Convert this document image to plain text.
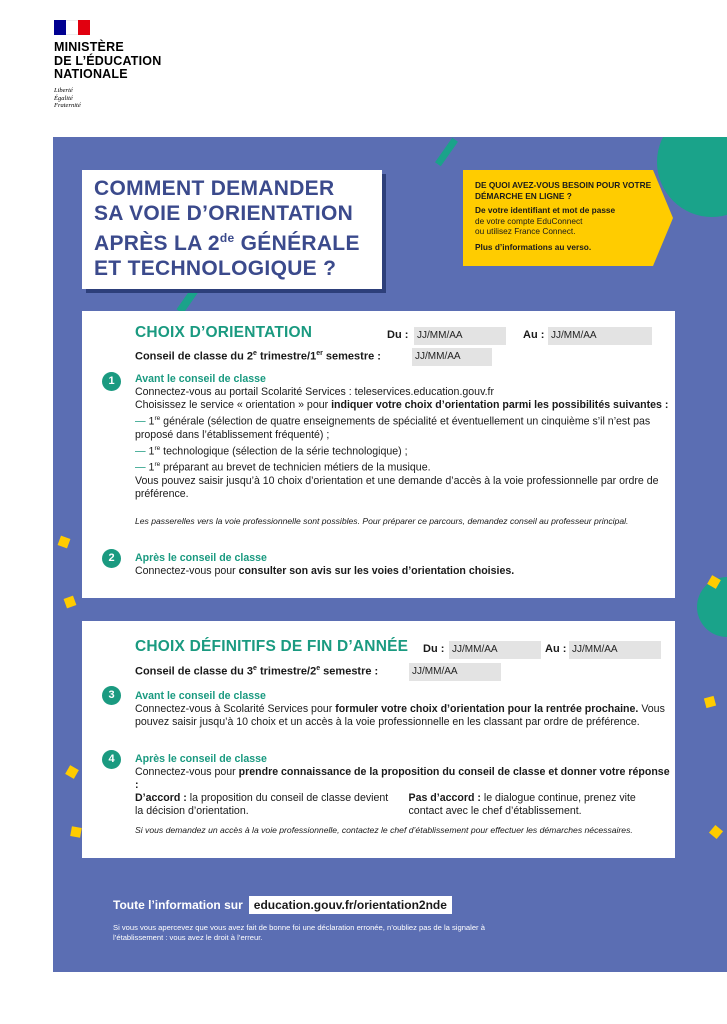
MINISTÈRE
DE L’ÉDUCATION
NATIONALE
Liberté
Égalité
Fraternité
COMMENT DEMANDER
SA VOIE D’ORIENTATION
APRÈS LA 2de GÉNÉRALE
ET TECHNOLOGIQUE ?
DE QUOI AVEZ-VOUS BESOIN POUR VOTRE DÉMARCHE EN LIGNE ?
De votre identifiant et mot de passe
de votre compte EduConnect
ou utilisez France Connect.
Plus d’informations au verso.
CHOIX D’ORIENTATION	Du : JJ/MM/AA	Au : JJ/MM/AA
Conseil de classe du 2e trimestre/1er semestre :	JJ/MM/AA
1	Avant le conseil de classe
Connectez-vous au portail Scolarité Services : teleservices.education.gouv.fr
Choisissez le service « orientation » pour indiquer votre choix d’orientation parmi les possibilités suivantes :
— 1re générale (sélection de quatre enseignements de spécialité et éventuellement un cinquième s’il n’est pas proposé dans l’établissement fréquenté) ;
— 1re technologique (sélection de la série technologique) ;
— 1re préparant au brevet de technicien métiers de la musique.
Vous pouvez saisir jusqu’à 10 choix d’orientation et une demande d’accès à la voie professionnelle par ordre de préférence.
Les passerelles vers la voie professionnelle sont possibles. Pour préparer ce parcours, demandez conseil au professeur principal.
2	Après le conseil de classe
Connectez-vous pour consulter son avis sur les voies d’orientation choisies.
CHOIX DÉFINITIFS DE FIN D’ANNÉE Du : JJ/MM/AA	Au : JJ/MM/AA
Conseil de classe du 3e trimestre/2e semestre :	JJ/MM/AA
3	Avant le conseil de classe
Connectez-vous à Scolarité Services pour formuler votre choix d’orientation pour la rentrée prochaine. Vous pouvez saisir jusqu’à 10 choix et un accès à la voie professionnelle en les classant par ordre de préférence.
4	Après le conseil de classe
Connectez-vous pour prendre connaissance de la proposition du conseil de classe et donner votre réponse :
D’accord : la proposition du conseil de classe devient la décision d’orientation.
Pas d’accord : le dialogue continue, prenez vite contact avec le chef d’établissement.
Si vous demandez un accès à la voie professionnelle, contactez le chef d’établissement pour effectuer les démarches nécessaires.
Toute l’information sur education.gouv.fr/orientation2nde
Si vous vous apercevez que vous avez fait de bonne foi une déclaration erronée, n’oubliez pas de la signaler à l’établissement : vous avez le droit à l’erreur.
